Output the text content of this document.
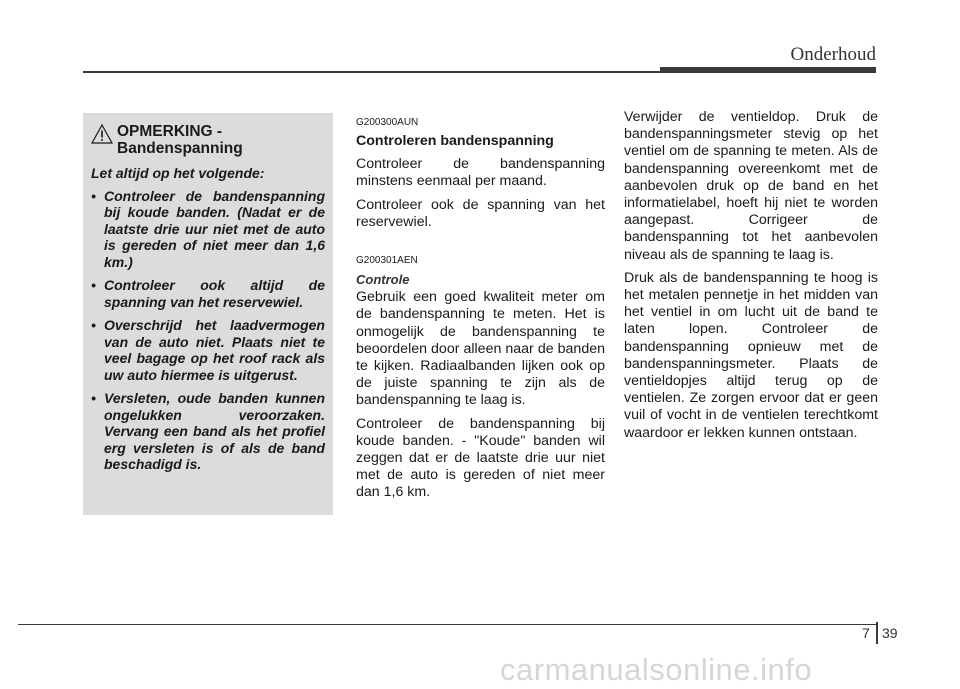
Onderhoud
OPMERKING -
Bandenspanning
Let altijd op het volgende:
• Controleer de bandenspanning bij koude banden. (Nadat er de laatste drie uur niet met de auto is gereden of niet meer dan 1,6 km.)
• Controleer ook altijd de spanning van het reservewiel.
• Overschrijd het laadvermogen van de auto niet. Plaats niet te veel bagage op het roof rack als uw auto hiermee is uitgerust.
• Versleten, oude banden kunnen ongelukken veroorzaken. Vervang een band als het profiel erg versleten is of als de band beschadigd is.
G200300AUN
Controleren bandenspanning

Controleer de bandenspanning minstens eenmaal per maand.

Controleer ook de spanning van het reservewiel.

G200301AEN
Controle

Gebruik een goed kwaliteit meter om de bandenspanning te meten. Het is onmogelijk de bandenspanning te beoordelen door alleen naar de banden te kijken. Radiaalbanden lijken ook op de juiste spanning te zijn als de bandenspanning te laag is.

Controleer de bandenspanning bij koude banden. - "Koude" banden wil zeggen dat er de laatste drie uur niet met de auto is gereden of niet meer dan 1,6 km.

Verwijder de ventieldop. Druk de bandenspanningsmeter stevig op het ventiel om de spanning te meten. Als de bandenspanning overeenkomt met de aanbevolen druk op de band en het informatielabel, hoeft hij niet te worden aangepast. Corrigeer de bandenspanning tot het aanbevolen niveau als de spanning te laag is.

Druk als de bandenspanning te hoog is het metalen pennetje in het midden van het ventiel in om lucht uit de band te laten lopen. Controleer de bandenspanning opnieuw met de bandenspanningsmeter. Plaats de ventieldopjes altijd terug op de ventielen. Ze zorgen ervoor dat er geen vuil of vocht in de ventielen terechtkomt waardoor er lekken kunnen ontstaan.

7 39
carmanualsonline.info
